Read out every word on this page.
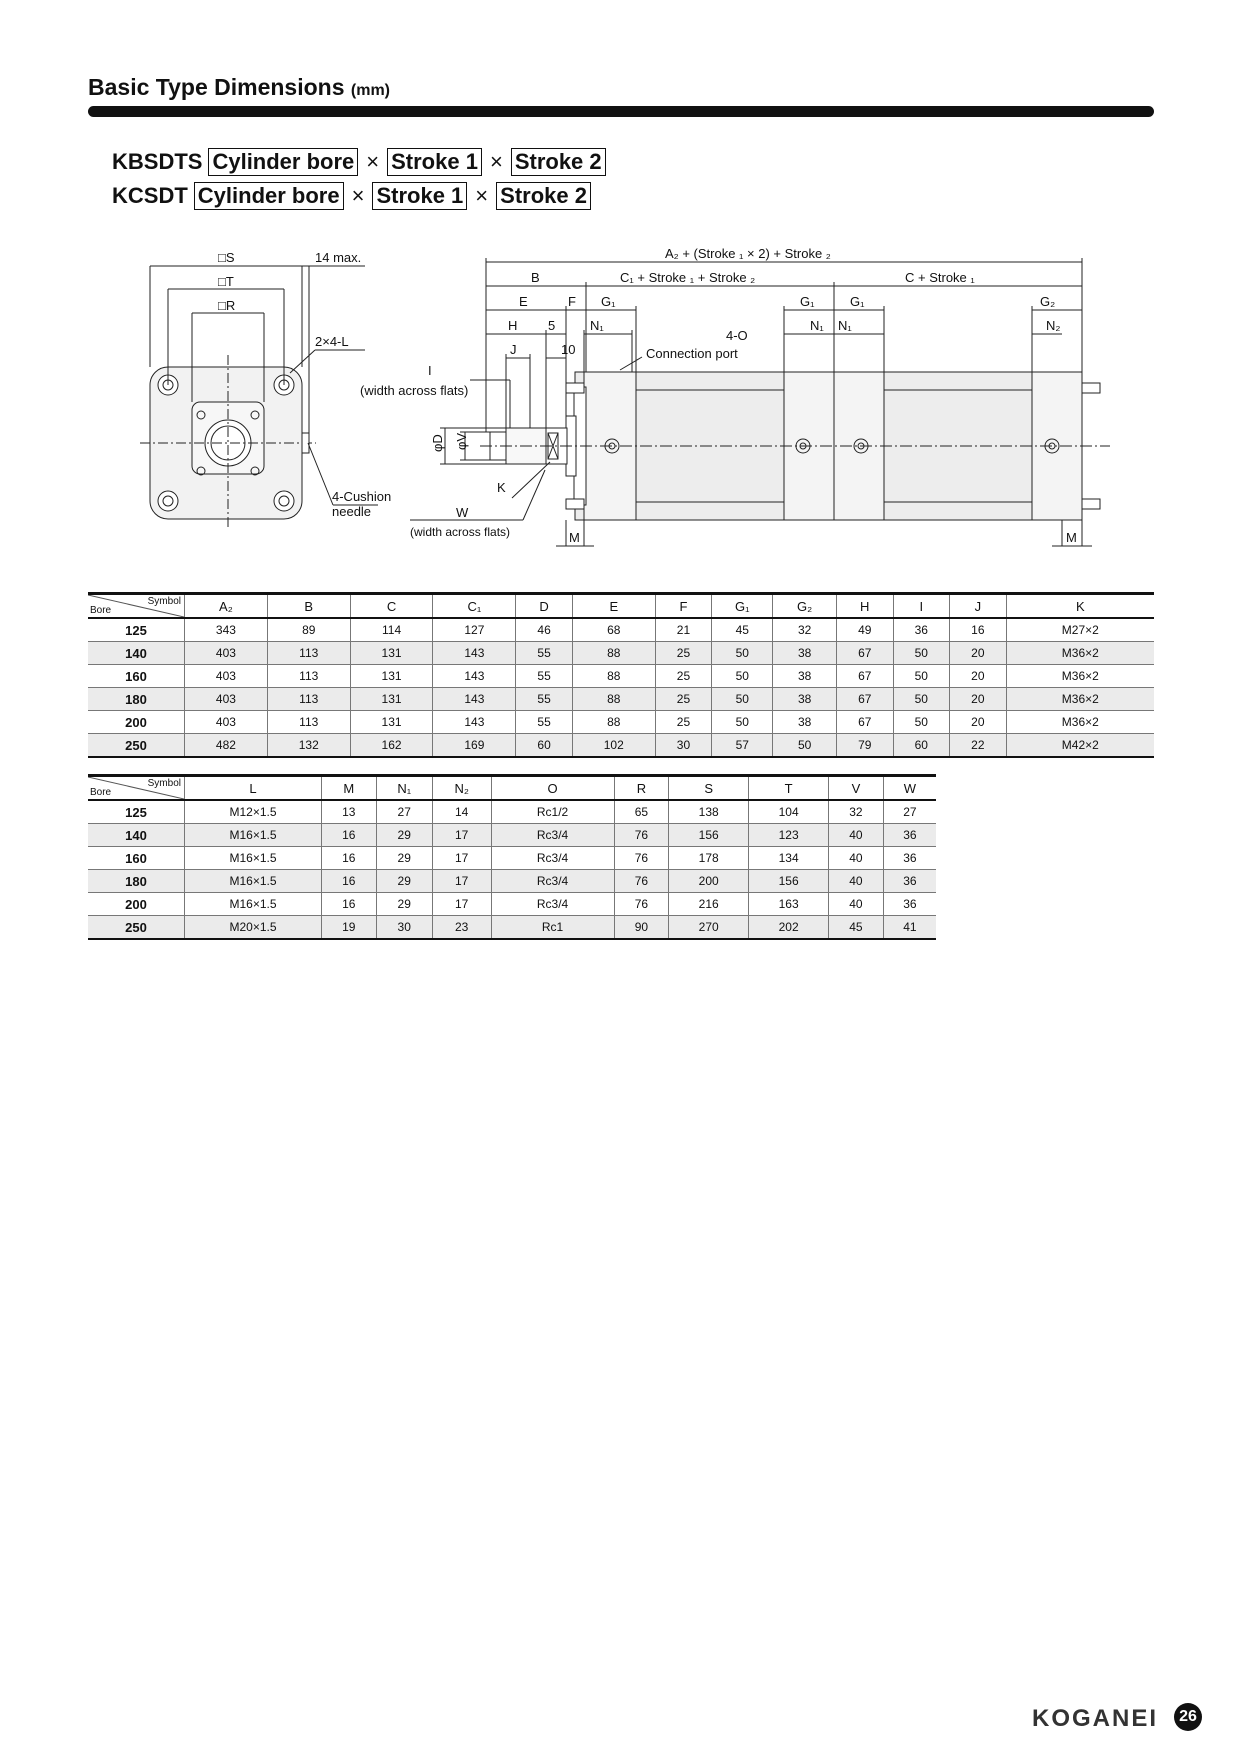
Basic Type Dimensions (mm)
KBSDTS Cylinder bore × Stroke 1 × Stroke 2
KCSDT Cylinder bore × Stroke 1 × Stroke 2
□S
□T
□R
14 max.
2×4-L
4-Cushion
needle
I
(width across flats)
φD φV
K
W
(width across flats)
A₂ + (Stroke ₁ × 2) + Stroke ₂
B	C₁ + Stroke ₁ + Stroke ₂	C + Stroke ₁
E	F G₁	G₁	G₁	G₂
H 5	N₁	N₁ N₁	N₂
J	10
4-O
Connection port
M	M
Symbol
Bore	A₂	B	C	C₁	D	E	F	G₁	G₂	H	I	J	K
125	343	89	114	127	46	68	21	45	32	49	36	16	M27×2
140	403	113	131	143	55	88	25	50	38	67	50	20	M36×2
160	403	113	131	143	55	88	25	50	38	67	50	20	M36×2
180	403	113	131	143	55	88	25	50	38	67	50	20	M36×2
200	403	113	131	143	55	88	25	50	38	67	50	20	M36×2
250	482	132	162	169	60	102	30	57	50	79	60	22	M42×2
Symbol
Bore	L	M	N₁	N₂	O	R	S	T	V	W
125	M12×1.5	13	27	14	Rc1/2	65	138	104	32	27
140	M16×1.5	16	29	17	Rc3/4	76	156	123	40	36
160	M16×1.5	16	29	17	Rc3/4	76	178	134	40	36
180	M16×1.5	16	29	17	Rc3/4	76	200	156	40	36
200	M16×1.5	16	29	17	Rc3/4	76	216	163	40	36
250	M20×1.5	19	30	23	Rc1	90	270	202	45	41
KOGANEI	26
